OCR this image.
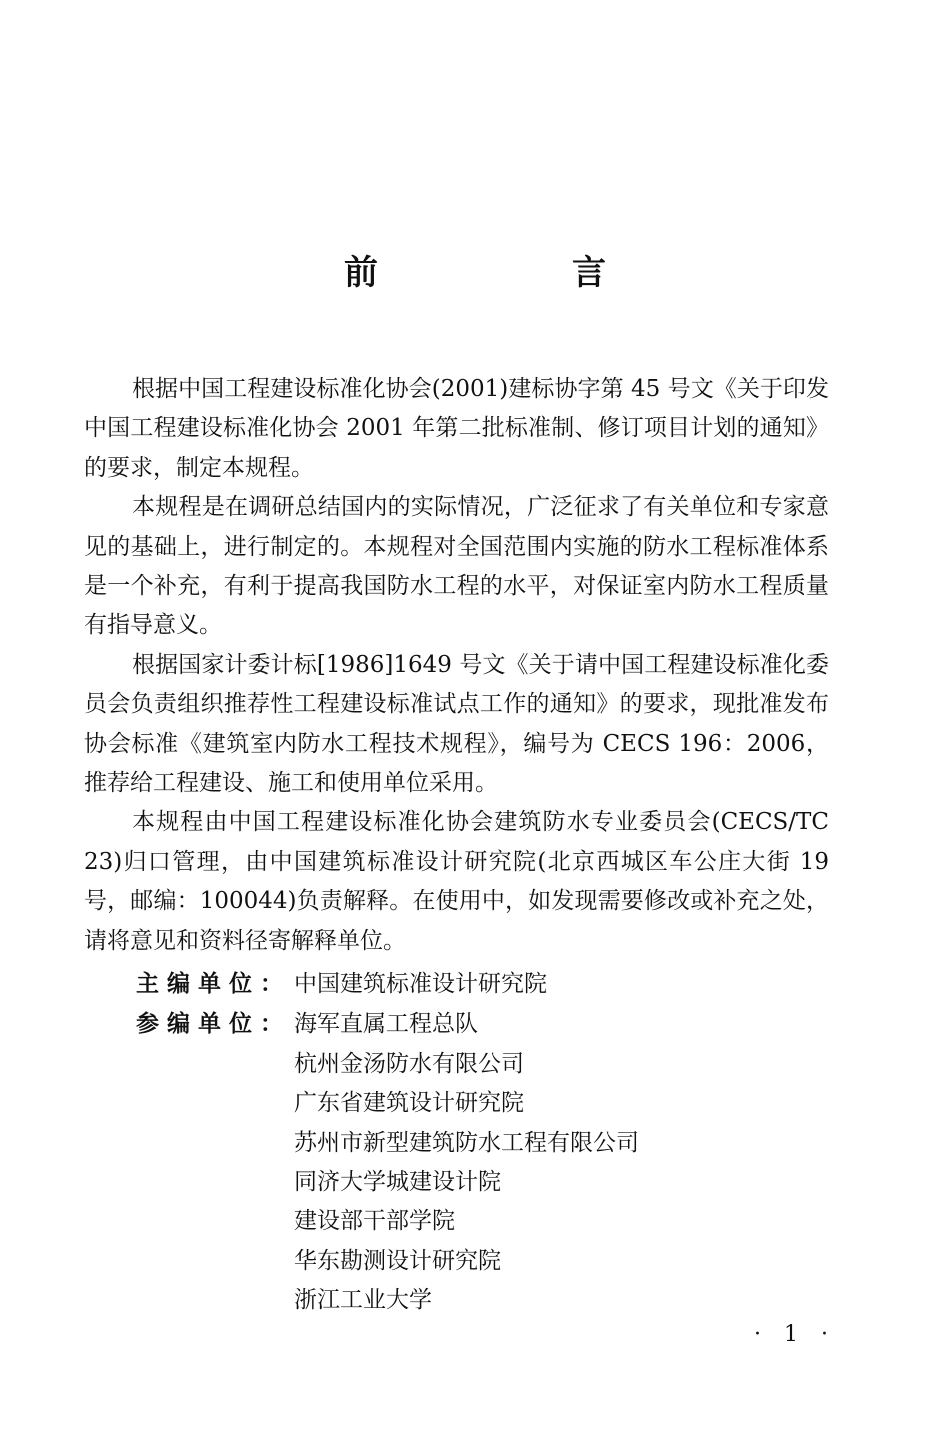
前　言

根据中国工程建设标准化协会(2001)建标协字第 45 号文《关于印发中国工程建设标准化协会 2001 年第二批标准制、修订项目计划的通知》的要求，制定本规程。

本规程是在调研总结国内的实际情况，广泛征求了有关单位和专家意见的基础上，进行制定的。本规程对全国范围内实施的防水工程标准体系是一个补充，有利于提高我国防水工程的水平，对保证室内防水工程质量有指导意义。

根据国家计委计标[1986]1649 号文《关于请中国工程建设标准化委员会负责组织推荐性工程建设标准试点工作的通知》的要求，现批准发布协会标准《建筑室内防水工程技术规程》，编号为 CECS 196：2006，推荐给工程建设、施工和使用单位采用。

本规程由中国工程建设标准化协会建筑防水专业委员会(CECS/TC 23)归口管理，由中国建筑标准设计研究院(北京西城区车公庄大街 19 号，邮编：100044)负责解释。在使用中，如发现需要修改或补充之处，请将意见和资料径寄解释单位。

主编单位： 中国建筑标准设计研究院
参编单位： 海军直属工程总队
杭州金汤防水有限公司
广东省建筑设计研究院
苏州市新型建筑防水工程有限公司
同济大学城建设计院
建设部干部学院
华东勘测设计研究院
浙江工业大学
· 1 ·
